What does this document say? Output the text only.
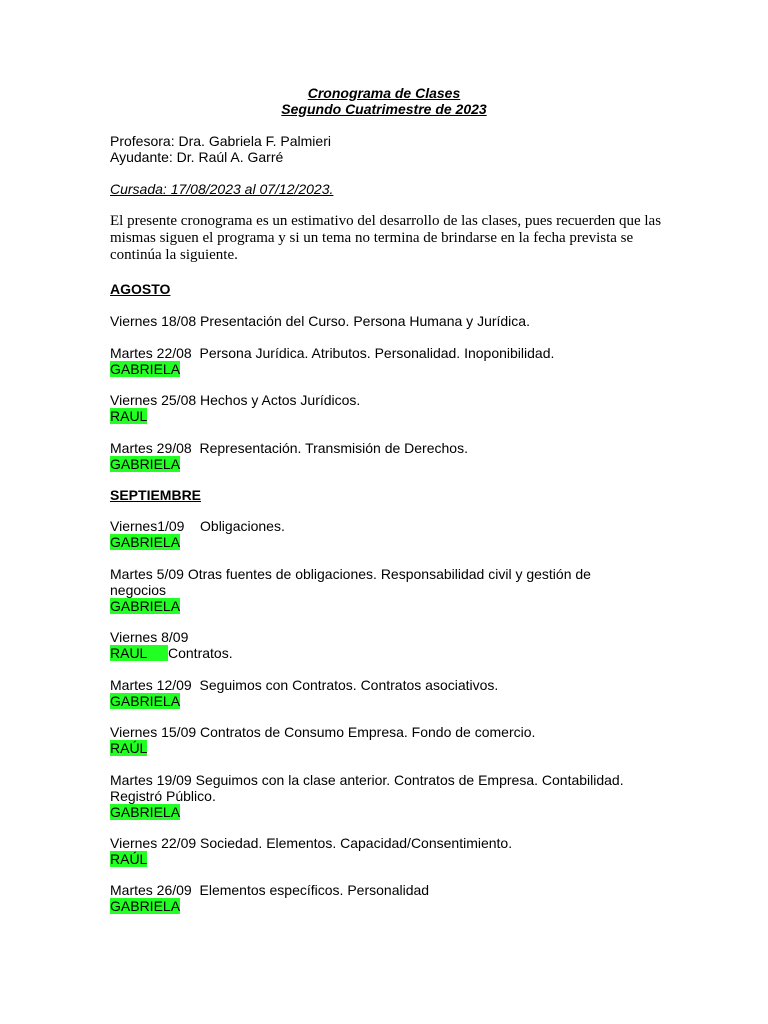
Cronograma de Clases
Segundo Cuatrimestre de 2023
Profesora: Dra. Gabriela F. Palmieri
Ayudante: Dr. Raúl A. Garré
Cursada: 17/08/2023 al 07/12/2023.
El presente cronograma es un estimativo del desarrollo de las clases, pues recuerden que las mismas siguen el programa y si un tema no termina de brindarse en la fecha prevista se continúa la siguiente.
AGOSTO
Viernes 18/08 Presentación del Curso. Persona Humana y Jurídica.
Martes 22/08  Persona Jurídica. Atributos. Personalidad. Inoponibilidad.
GABRIELA
Viernes 25/08 Hechos y Actos Jurídicos.
RAUL
Martes 29/08  Representación. Transmisión de Derechos.
GABRIELA
SEPTIEMBRE
Viernes1/09    Obligaciones.
GABRIELA
Martes 5/09 Otras fuentes de obligaciones. Responsabilidad civil y gestión de negocios
GABRIELA
Viernes 8/09
RAUL Contratos.
Martes 12/09  Seguimos con Contratos. Contratos asociativos.
GABRIELA
Viernes 15/09 Contratos de Consumo Empresa. Fondo de comercio.
RAÚL
Martes 19/09 Seguimos con la clase anterior. Contratos de Empresa. Contabilidad. Registró Público.
GABRIELA
Viernes 22/09 Sociedad. Elementos. Capacidad/Consentimiento.
RAÚL
Martes 26/09  Elementos específicos. Personalidad
GABRIELA
